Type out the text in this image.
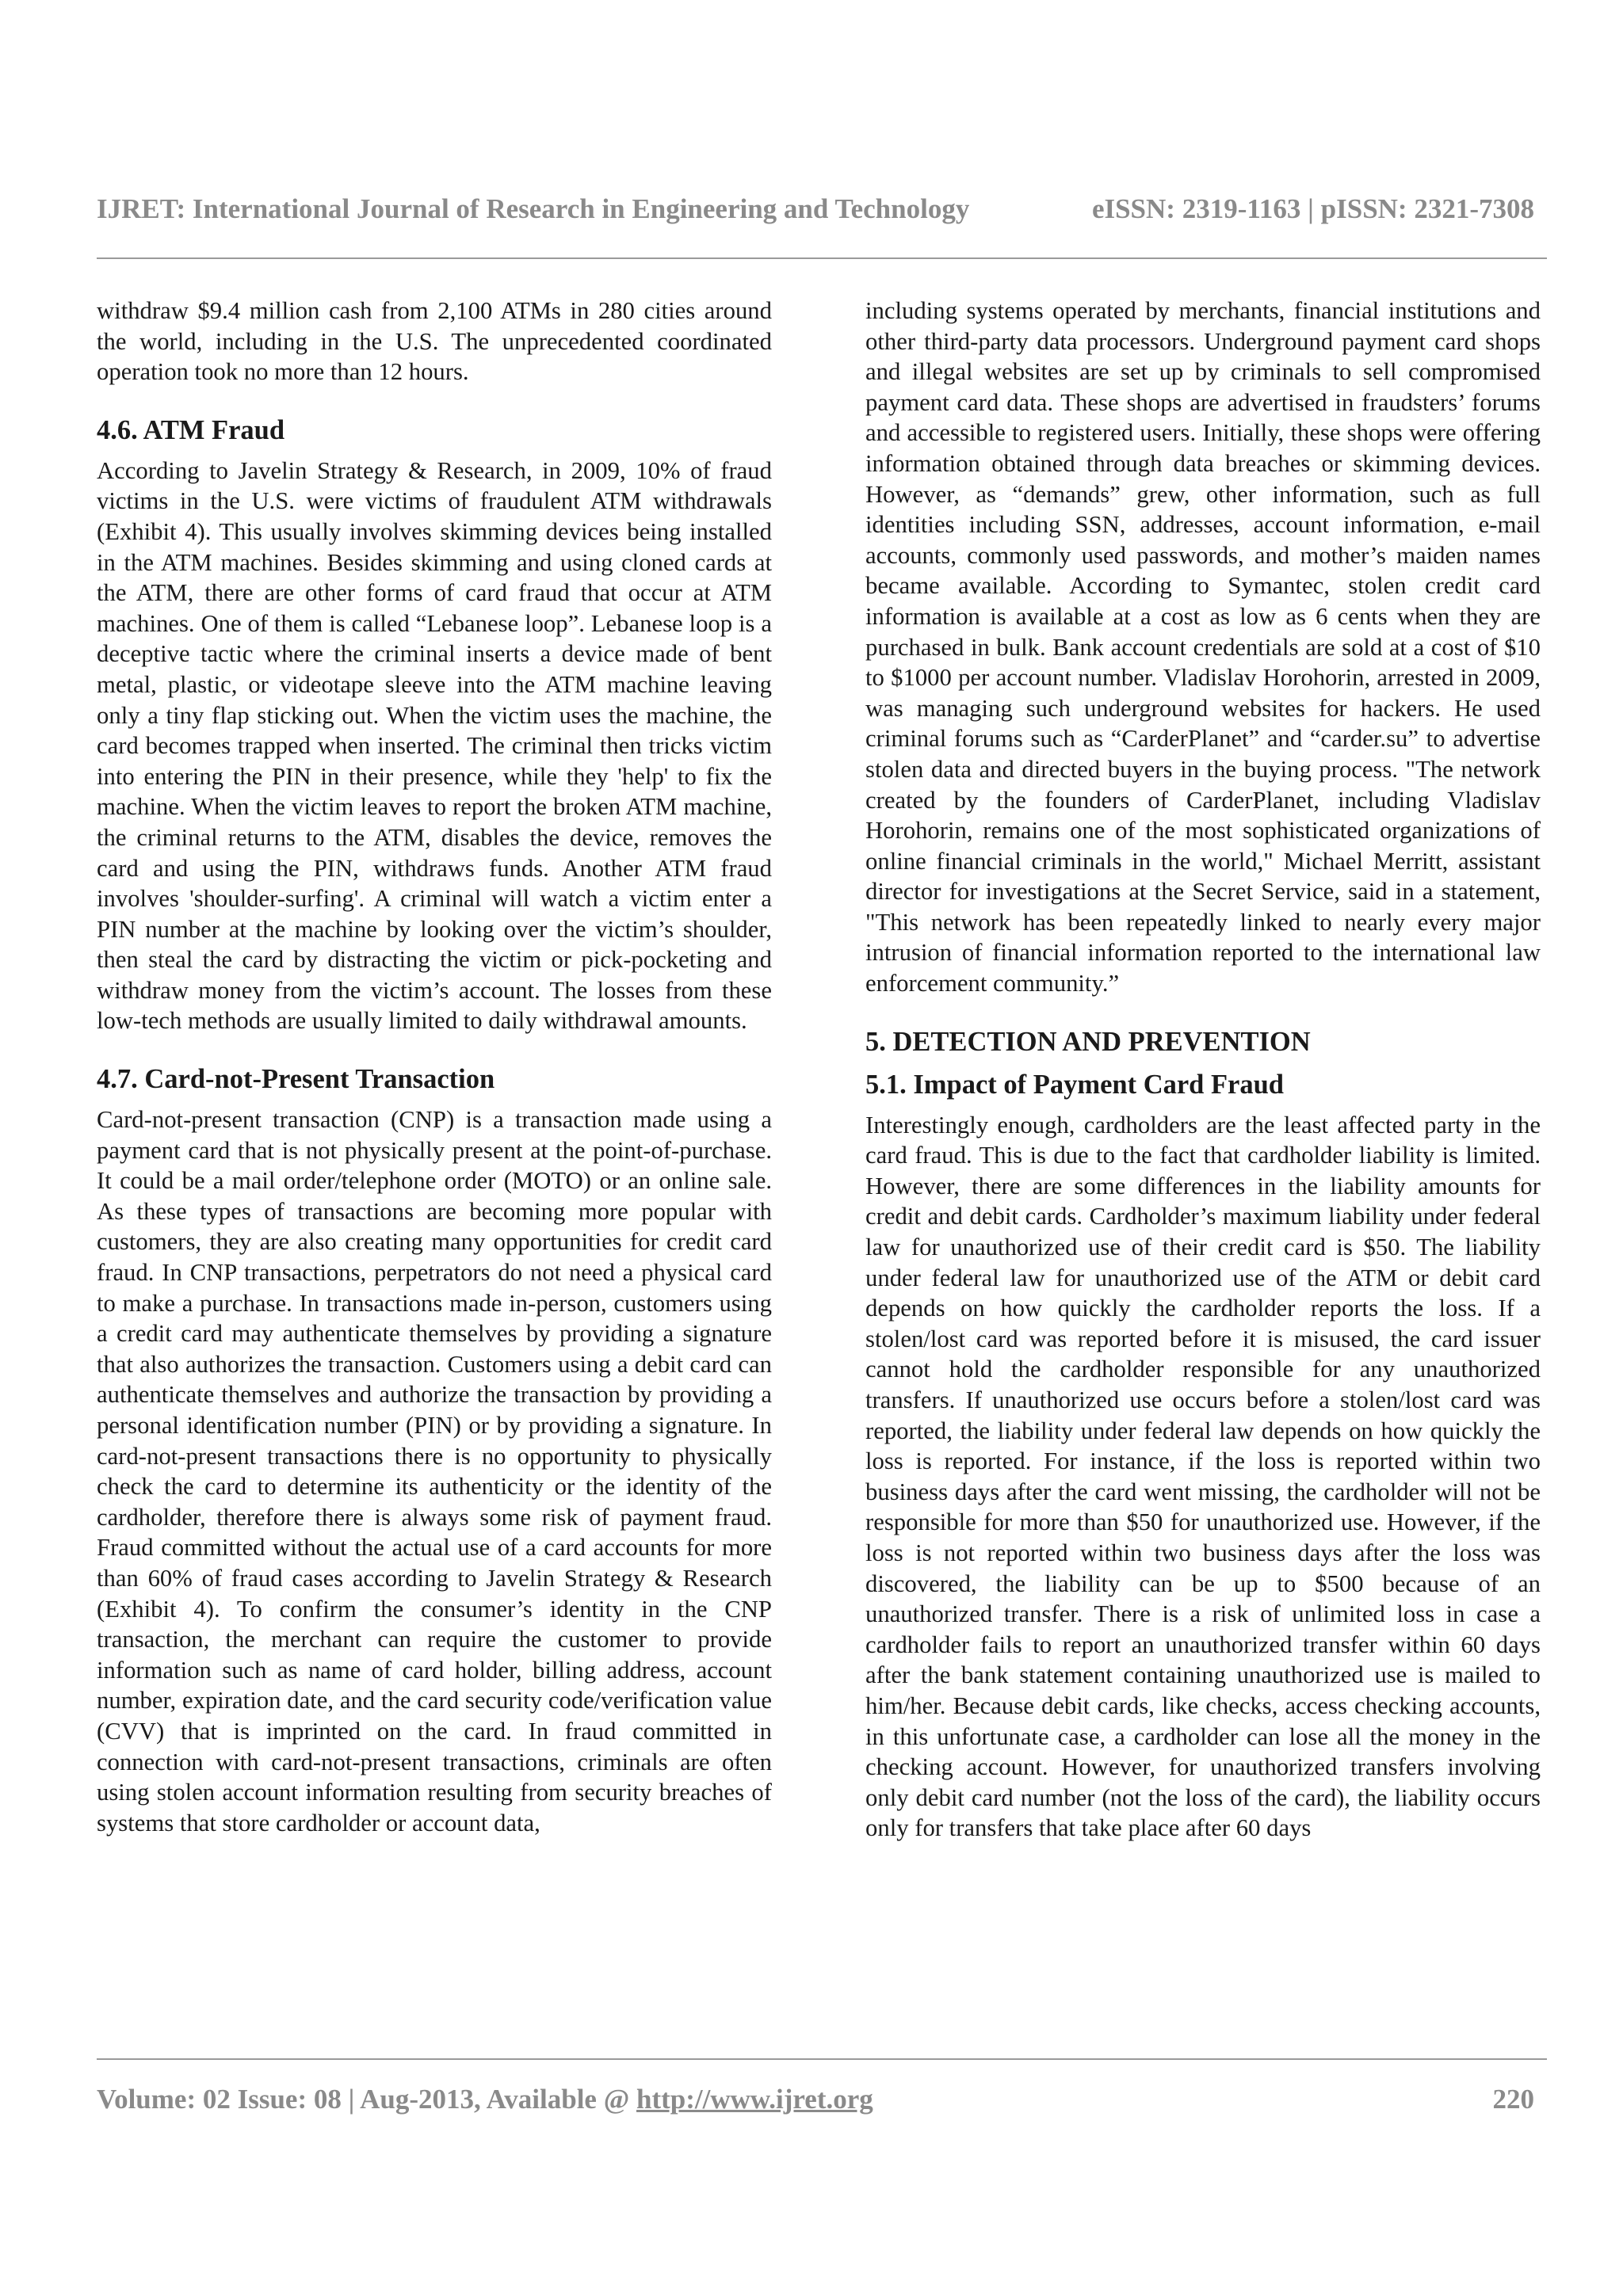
IJRET: International Journal of Research in Engineering and Technology	eISSN: 2319-1163 | pISSN: 2321-7308

withdraw $9.4 million cash from 2,100 ATMs in 280 cities around the world, including in the U.S. The unprecedented coordinated operation took no more than 12 hours.

4.6. ATM Fraud

According to Javelin Strategy & Research, in 2009, 10% of fraud victims in the U.S. were victims of fraudulent ATM withdrawals (Exhibit 4). This usually involves skimming devices being installed in the ATM machines. Besides skimming and using cloned cards at the ATM, there are other forms of card fraud that occur at ATM machines. One of them is called “Lebanese loop”. Lebanese loop is a deceptive tactic where the criminal inserts a device made of bent metal, plastic, or videotape sleeve into the ATM machine leaving only a tiny flap sticking out. When the victim uses the machine, the card becomes trapped when inserted. The criminal then tricks victim into entering the PIN in their presence, while they 'help' to fix the machine. When the victim leaves to report the broken ATM machine, the criminal returns to the ATM, disables the device, removes the card and using the PIN, withdraws funds. Another ATM fraud involves 'shoulder-surfing'. A criminal will watch a victim enter a PIN number at the machine by looking over the victim’s shoulder, then steal the card by distracting the victim or pick-pocketing and withdraw money from the victim’s account. The losses from these low-tech methods are usually limited to daily withdrawal amounts.

4.7. Card-not-Present Transaction

Card-not-present transaction (CNP) is a transaction made using a payment card that is not physically present at the point-of-purchase. It could be a mail order/telephone order (MOTO) or an online sale. As these types of transactions are becoming more popular with customers, they are also creating many opportunities for credit card fraud. In CNP transactions, perpetrators do not need a physical card to make a purchase. In transactions made in-person, customers using a credit card may authenticate themselves by providing a signature that also authorizes the transaction. Customers using a debit card can authenticate themselves and authorize the transaction by providing a personal identification number (PIN) or by providing a signature. In card-not-present transactions there is no opportunity to physically check the card to determine its authenticity or the identity of the cardholder, therefore there is always some risk of payment fraud. Fraud committed without the actual use of a card accounts for more than 60% of fraud cases according to Javelin Strategy & Research (Exhibit 4). To confirm the consumer’s identity in the CNP transaction, the merchant can require the customer to provide information such as name of card holder, billing address, account number, expiration date, and the card security code/verification value (CVV) that is imprinted on the card. In fraud committed in connection with card-not-present transactions, criminals are often using stolen account information resulting from security breaches of systems that store cardholder or account data,

including systems operated by merchants, financial institutions and other third-party data processors. Underground payment card shops and illegal websites are set up by criminals to sell compromised payment card data. These shops are advertised in fraudsters’ forums and accessible to registered users. Initially, these shops were offering information obtained through data breaches or skimming devices. However, as “demands” grew, other information, such as full identities including SSN, addresses, account information, e-mail accounts, commonly used passwords, and mother’s maiden names became available. According to Symantec, stolen credit card information is available at a cost as low as 6 cents when they are purchased in bulk. Bank account credentials are sold at a cost of $10 to $1000 per account number. Vladislav Horohorin, arrested in 2009, was managing such underground websites for hackers. He used criminal forums such as “CarderPlanet” and “carder.su” to advertise stolen data and directed buyers in the buying process. "The network created by the founders of CarderPlanet, including Vladislav Horohorin, remains one of the most sophisticated organizations of online financial criminals in the world," Michael Merritt, assistant director for investigations at the Secret Service, said in a statement, "This network has been repeatedly linked to nearly every major intrusion of financial information reported to the international law enforcement community.”

5. DETECTION AND PREVENTION
5.1. Impact of Payment Card Fraud

Interestingly enough, cardholders are the least affected party in the card fraud. This is due to the fact that cardholder liability is limited. However, there are some differences in the liability amounts for credit and debit cards. Cardholder’s maximum liability under federal law for unauthorized use of their credit card is $50. The liability under federal law for unauthorized use of the ATM or debit card depends on how quickly the cardholder reports the loss. If a stolen/lost card was reported before it is misused, the card issuer cannot hold the cardholder responsible for any unauthorized transfers. If unauthorized use occurs before a stolen/lost card was reported, the liability under federal law depends on how quickly the loss is reported. For instance, if the loss is reported within two business days after the card went missing, the cardholder will not be responsible for more than $50 for unauthorized use. However, if the loss is not reported within two business days after the loss was discovered, the liability can be up to $500 because of an unauthorized transfer. There is a risk of unlimited loss in case a cardholder fails to report an unauthorized transfer within 60 days after the bank statement containing unauthorized use is mailed to him/her. Because debit cards, like checks, access checking accounts, in this unfortunate case, a cardholder can lose all the money in the checking account. However, for unauthorized transfers involving only debit card number (not the loss of the card), the liability occurs only for transfers that take place after 60 days

Volume: 02 Issue: 08 | Aug-2013, Available @ http://www.ijret.org	220
